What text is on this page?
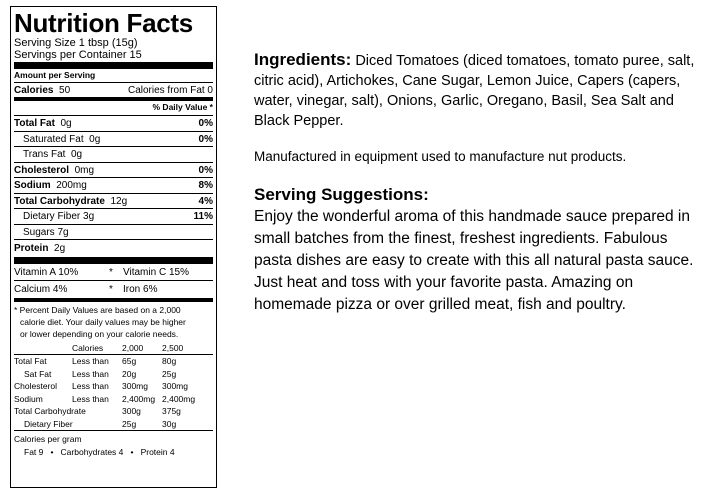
Nutrition Facts
Serving Size 1 tbsp (15g)
Servings per Container 15
Amount per Serving
Calories 50	Calories from Fat 0
% Daily Value *
Total Fat 0g	0%
Saturated Fat 0g	0%
Trans Fat 0g
Cholesterol 0mg	0%
Sodium 200mg	8%
Total Carbohydrate 12g	4%
Dietary Fiber 3g	11%
Sugars 7g
Protein 2g
Vitamin A 10%	*	Vitamin C 15%
Calcium 4%	*	Iron 6%
* Percent Daily Values are based on a 2,000
calorie diet. Your daily values may be higher
or lower depending on your calorie needs.
	Calories	2,000	2,500
Total Fat	Less than	65g	80g
Sat Fat	Less than	20g	25g
Cholesterol	Less than	300mg	300mg
Sodium	Less than	2,400mg	2,400mg
Total Carbohydrate		300g	375g
Dietary Fiber		25g	30g
Calories per gram
Fat 9 • Carbohydrates 4 • Protein 4
Ingredients: Diced Tomatoes (diced tomatoes, tomato puree, salt, citric acid), Artichokes, Cane Sugar, Lemon Juice, Capers (capers, water, vinegar, salt), Onions, Garlic, Oregano, Basil, Sea Salt and Black Pepper.
Manufactured in equipment used to manufacture nut products.
Serving Suggestions:
Enjoy the wonderful aroma of this handmade sauce prepared in small batches from the finest, freshest ingredients. Fabulous pasta dishes are easy to create with this all natural pasta sauce. Just heat and toss with your favorite pasta. Amazing on homemade pizza or over grilled meat, fish and poultry.
